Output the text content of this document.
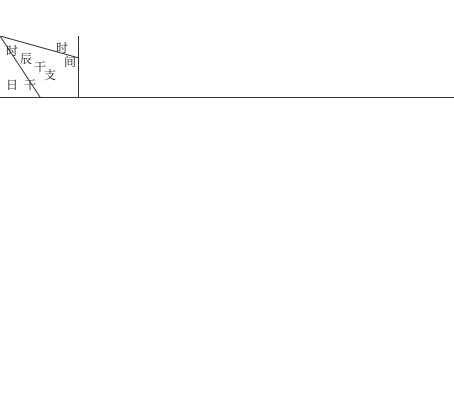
时
辰
干
支
时
间
日 干
